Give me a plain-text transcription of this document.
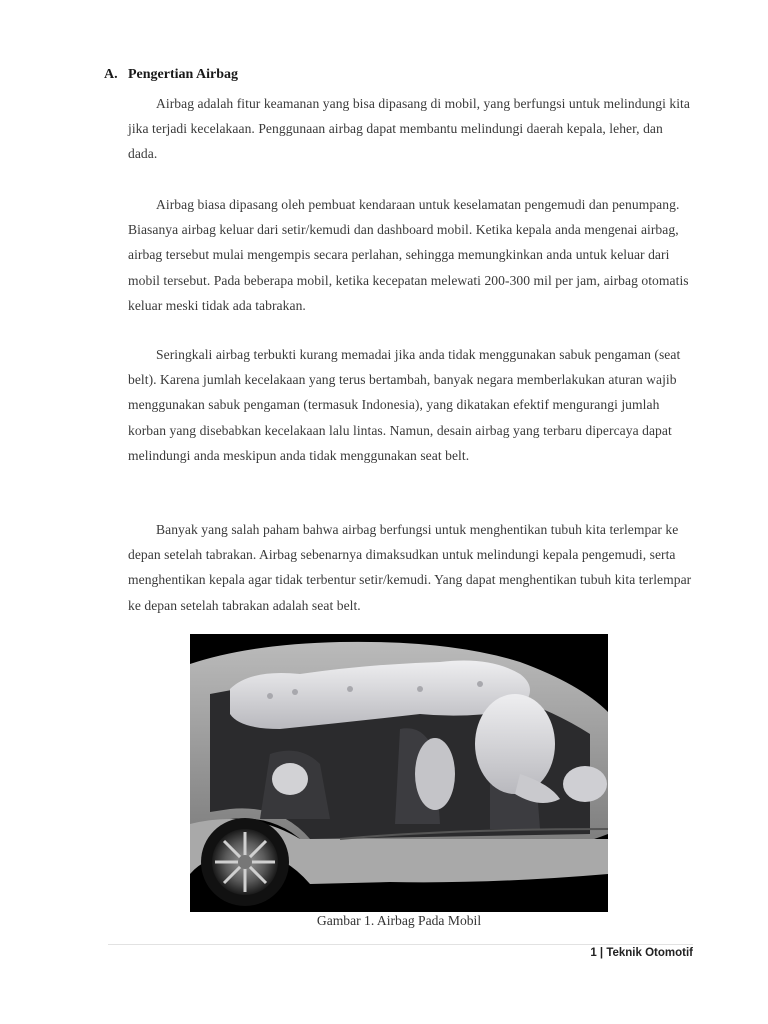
A. Pengertian Airbag

Airbag adalah fitur keamanan yang bisa dipasang di mobil, yang berfungsi untuk melindungi kita jika terjadi kecelakaan. Penggunaan airbag dapat membantu melindungi daerah kepala, leher, dan dada.

Airbag biasa dipasang oleh pembuat kendaraan untuk keselamatan pengemudi dan penumpang. Biasanya airbag keluar dari setir/kemudi dan dashboard mobil. Ketika kepala anda mengenai airbag, airbag tersebut mulai mengempis secara perlahan, sehingga memungkinkan anda untuk keluar dari mobil tersebut. Pada beberapa mobil, ketika kecepatan melewati 200-300 mil per jam, airbag otomatis keluar meski tidak ada tabrakan.

Seringkali airbag terbukti kurang memadai jika anda tidak menggunakan sabuk pengaman (seat belt). Karena jumlah kecelakaan yang terus bertambah, banyak negara memberlakukan aturan wajib menggunakan sabuk pengaman (termasuk Indonesia), yang dikatakan efektif mengurangi jumlah korban yang disebabkan kecelakaan lalu lintas. Namun, desain airbag yang terbaru dipercaya dapat melindungi anda meskipun anda tidak menggunakan seat belt.

Banyak yang salah paham bahwa airbag berfungsi untuk menghentikan tubuh kita terlempar ke depan setelah tabrakan. Airbag sebenarnya dimaksudkan untuk melindungi kepala pengemudi, serta menghentikan kepala agar tidak terbentur setir/kemudi. Yang dapat menghentikan tubuh kita terlempar ke depan setelah tabrakan adalah seat belt.

Gambar 1. Airbag Pada Mobil
1 | Teknik Otomotif
